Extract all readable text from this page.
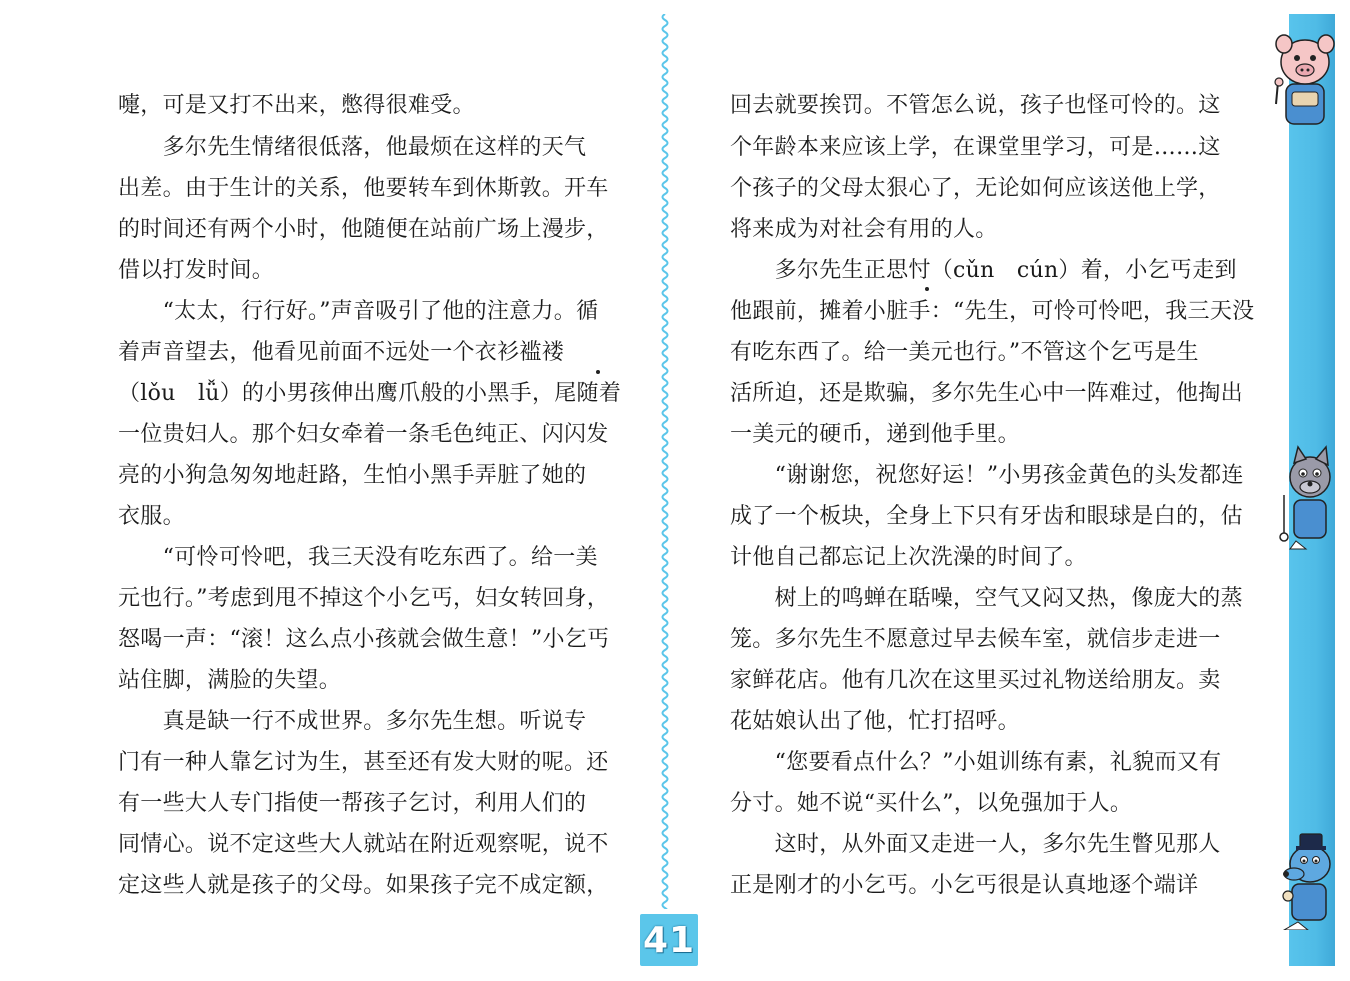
嚏，可是又打不出来，憋得很难受。
　　多尔先生情绪很低落，他最烦在这样的天气
出差。由于生计的关系，他要转车到休斯敦。开车
的时间还有两个小时，他随便在站前广场上漫步，
借以打发时间。
　　“太太，行行好。”声音吸引了他的注意力。循
着声音望去，他看见前面不远处一个衣衫褴褛
（lǒu　lǚ）的小男孩伸出鹰爪般的小黑手，尾随着
一位贵妇人。那个妇女牵着一条毛色纯正、闪闪发
亮的小狗急匆匆地赶路，生怕小黑手弄脏了她的
衣服。
　　“可怜可怜吧，我三天没有吃东西了。给一美
元也行。”考虑到甩不掉这个小乞丐，妇女转回身，
怒喝一声：“滚！这么点小孩就会做生意！”小乞丐
站住脚，满脸的失望。
　　真是缺一行不成世界。多尔先生想。听说专
门有一种人靠乞讨为生，甚至还有发大财的呢。还
有一些大人专门指使一帮孩子乞讨，利用人们的
同情心。说不定这些大人就站在附近观察呢，说不
定这些人就是孩子的父母。如果孩子完不成定额，
回去就要挨罚。不管怎么说，孩子也怪可怜的。这
个年龄本来应该上学，在课堂里学习，可是……这
个孩子的父母太狠心了，无论如何应该送他上学，
将来成为对社会有用的人。
　　多尔先生正思忖（cǔn　cún）着，小乞丐走到
他跟前，摊着小脏手：“先生，可怜可怜吧，我三天没
有吃东西了。给一美元也行。”不管这个乞丐是生
活所迫，还是欺骗，多尔先生心中一阵难过，他掏出
一美元的硬币，递到他手里。
　　“谢谢您，祝您好运！”小男孩金黄色的头发都连
成了一个板块，全身上下只有牙齿和眼球是白的，估
计他自己都忘记上次洗澡的时间了。
　　树上的鸣蝉在聒噪，空气又闷又热，像庞大的蒸
笼。多尔先生不愿意过早去候车室，就信步走进一
家鲜花店。他有几次在这里买过礼物送给朋友。卖
花姑娘认出了他，忙打招呼。
　　“您要看点什么？”小姐训练有素，礼貌而又有
分寸。她不说“买什么”，以免强加于人。
　　这时，从外面又走进一人，多尔先生瞥见那人
正是刚才的小乞丐。小乞丐很是认真地逐个端详
41
